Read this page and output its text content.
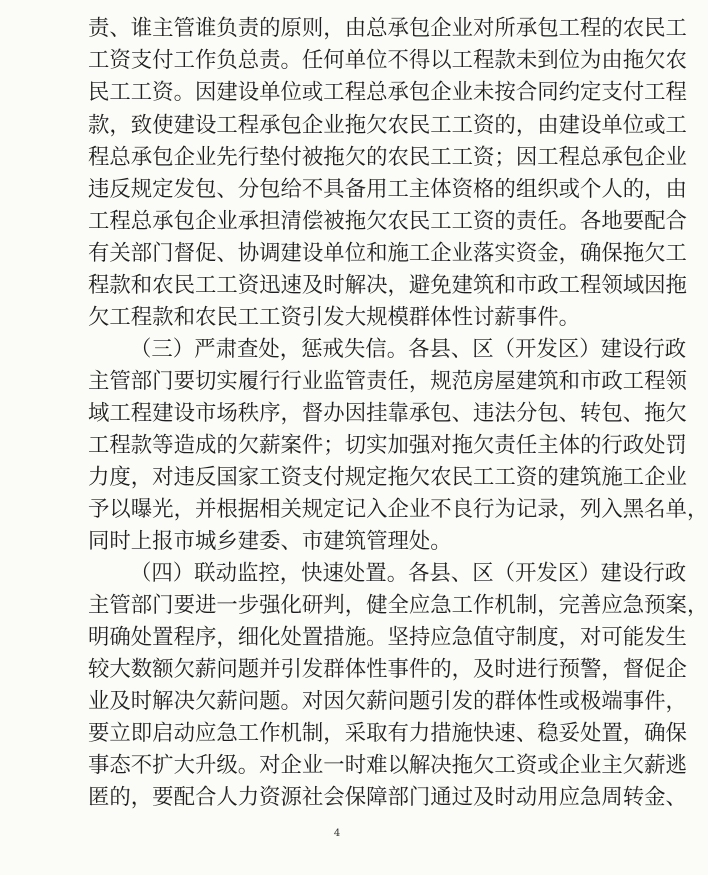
责、谁主管谁负责的原则，由总承包企业对所承包工程的农民工
工资支付工作负总责。任何单位不得以工程款未到位为由拖欠农
民工工资。因建设单位或工程总承包企业未按合同约定支付工程
款，致使建设工程承包企业拖欠农民工工资的，由建设单位或工
程总承包企业先行垫付被拖欠的农民工工资；因工程总承包企业
违反规定发包、分包给不具备用工主体资格的组织或个人的，由
工程总承包企业承担清偿被拖欠农民工工资的责任。各地要配合
有关部门督促、协调建设单位和施工企业落实资金，确保拖欠工
程款和农民工工资迅速及时解决，避免建筑和市政工程领域因拖
欠工程款和农民工工资引发大规模群体性讨薪事件。
（三）严肃查处，惩戒失信。各县、区（开发区）建设行政
主管部门要切实履行行业监管责任，规范房屋建筑和市政工程领
域工程建设市场秩序，督办因挂靠承包、违法分包、转包、拖欠
工程款等造成的欠薪案件；切实加强对拖欠责任主体的行政处罚
力度，对违反国家工资支付规定拖欠农民工工资的建筑施工企业
予以曝光，并根据相关规定记入企业不良行为记录，列入黑名单，
同时上报市城乡建委、市建筑管理处。
（四）联动监控，快速处置。各县、区（开发区）建设行政
主管部门要进一步强化研判，健全应急工作机制，完善应急预案，
明确处置程序，细化处置措施。坚持应急值守制度，对可能发生
较大数额欠薪问题并引发群体性事件的，及时进行预警，督促企
业及时解决欠薪问题。对因欠薪问题引发的群体性或极端事件，
要立即启动应急工作机制，采取有力措施快速、稳妥处置，确保
事态不扩大升级。对企业一时难以解决拖欠工资或企业主欠薪逃
匿的，要配合人力资源社会保障部门通过及时动用应急周转金、
4
